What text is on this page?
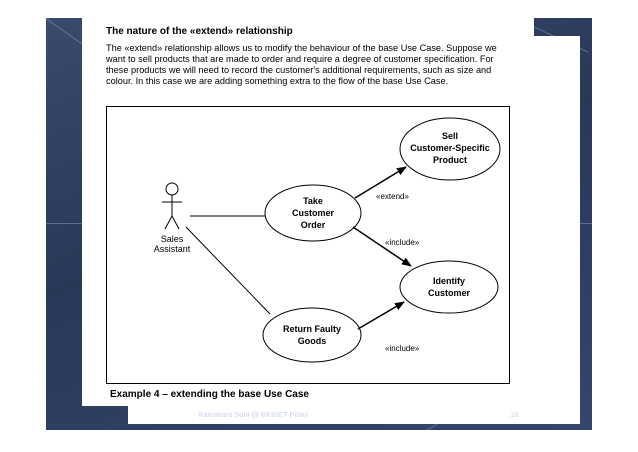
The nature of the «extend» relationship

The «extend» relationship allows us to modify the behaviour of the base Use Case. Suppose we want to sell products that are made to order and require a degree of customer specification. For these products we will need to record the customer's additional requirements, such as size and colour. In this case we are adding something extra to the flow of the base Use Case.

Sales
Assistant
Sell
Customer-Specific
Product
Take
Customer
Order
Identify
Customer
Return Faulty
Goods
«extend»
«include»
«include»
Example 4 – extending the base Use Case
Ramakant Soni @ BKBIET Pilani	16
